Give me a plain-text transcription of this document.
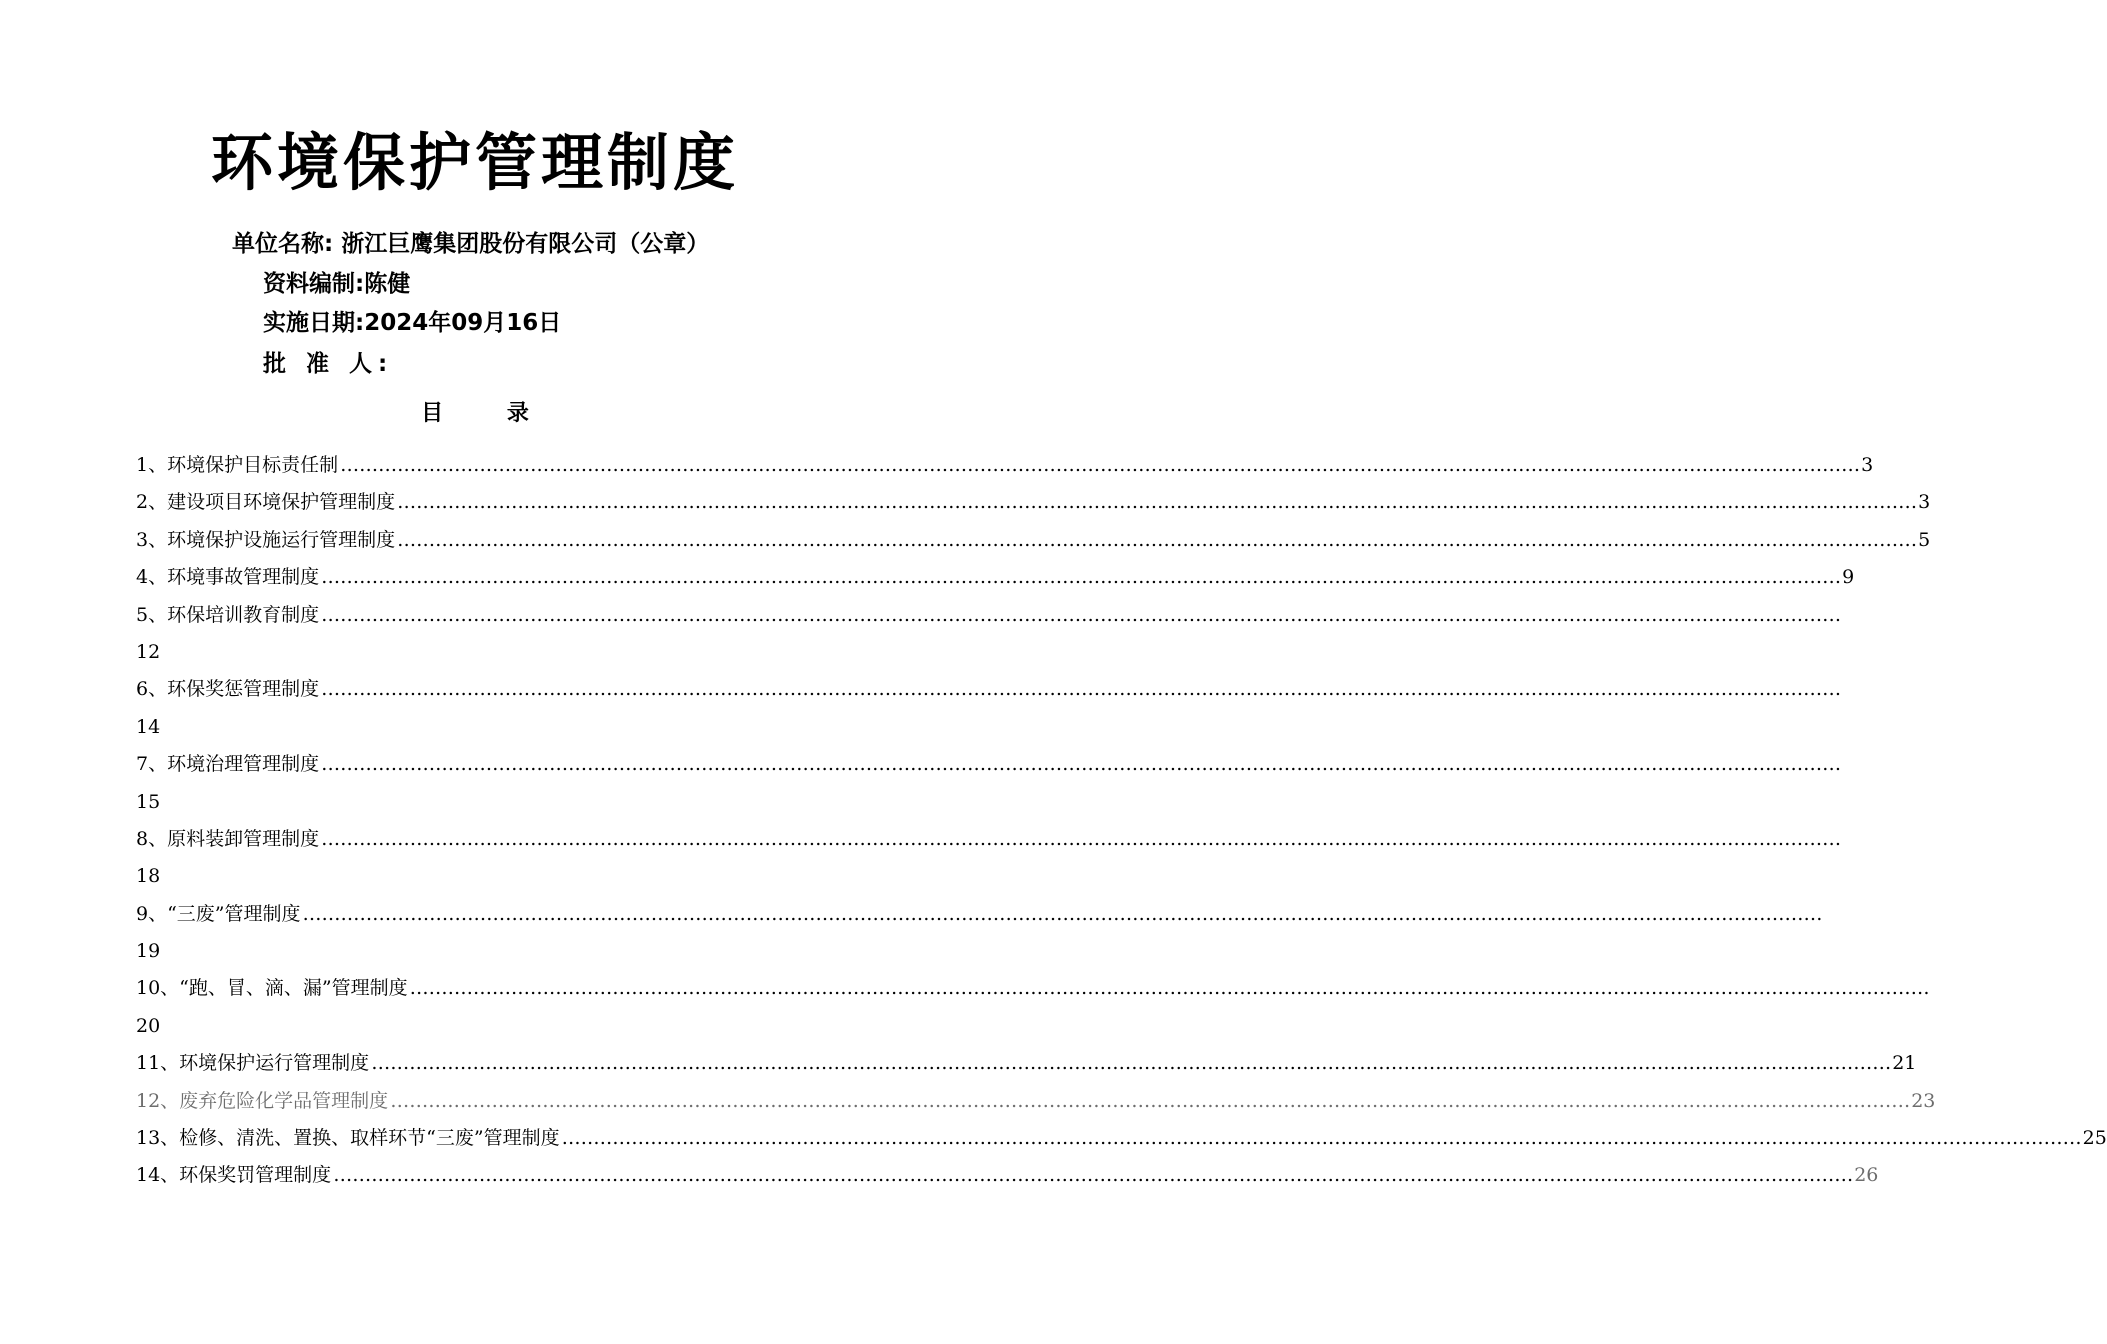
环境保护管理制度
单位名称: 浙江巨鹰集团股份有限公司（公章）
资料编制:陈健
实施日期:2024年09月16日
批 准 人:
目 录
1、环境保护目标责任制 …………………………………………………………………………………………………………………………………………………………………………………………………………………… 3
2、建设项目环境保护管理制度 …………………………………………………………………………………………………………………………………………………………………………………………………………………… 3
3、环境保护设施运行管理制度 …………………………………………………………………………………………………………………………………………………………………………………………………………………… 5
4、环境事故管理制度 …………………………………………………………………………………………………………………………………………………………………………………………………………………… 9
5、环保培训教育制度 ……………………………………………………………………………………………………………………………………………………………………………………………………………………
12
6、环保奖惩管理制度 ……………………………………………………………………………………………………………………………………………………………………………………………………………………
14
7、环境治理管理制度 ……………………………………………………………………………………………………………………………………………………………………………………………………………………
15
8、原料装卸管理制度 ……………………………………………………………………………………………………………………………………………………………………………………………………………………
18
9、“三废”管理制度 ……………………………………………………………………………………………………………………………………………………………………………………………………………………
19
10、“跑、冒、滴、漏”管理制度 ……………………………………………………………………………………………………………………………………………………………………………………………………………………
20
11、环境保护运行管理制度 …………………………………………………………………………………………………………………………………………………………………………………………………………………… 21
12、废弃危险化学品管理制度 …………………………………………………………………………………………………………………………………………………………………………………………………………………… 23
13、检修、清洗、置换、取样环节“三废”管理制度 …………………………………………………………………………………………………………………………………………………………………………………………………………………… 25
14、环保奖罚管理制度 …………………………………………………………………………………………………………………………………………………………………………………………………………………… 26
